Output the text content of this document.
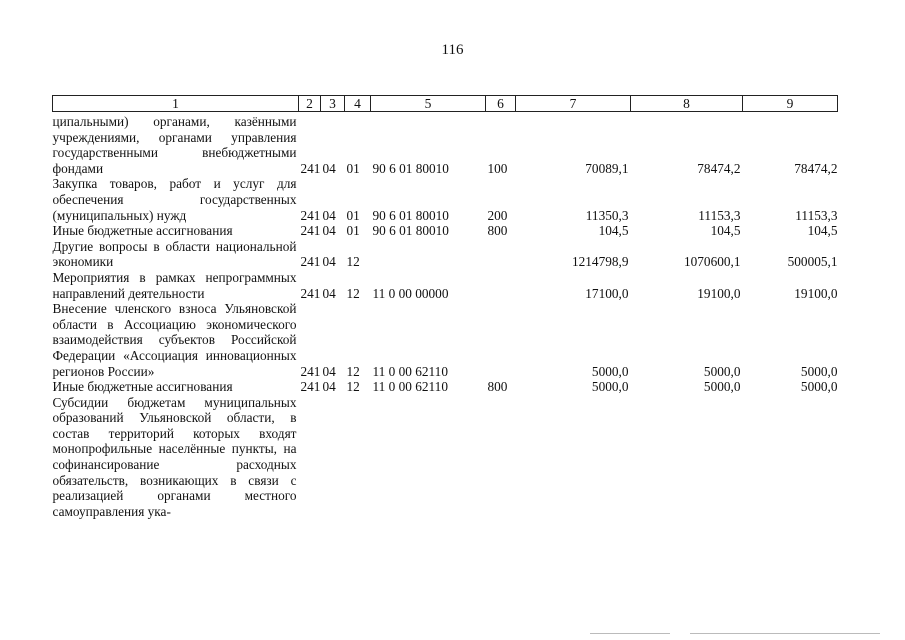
116
1	2	3	4	5	6	7	8	9
ципальными) органами, казёнными учреждениями, органами управления государственными внебюджетными фондами	241	04	01	90 6 01 80010	100	70089,1	78474,2	78474,2
Закупка товаров, работ и услуг для обеспечения государственных (муниципальных) нужд	241	04	01	90 6 01 80010	200	11350,3	11153,3	11153,3
Иные бюджетные ассигнования	241	04	01	90 6 01 80010	800	104,5	104,5	104,5
Другие вопросы в области национальной экономики	241	04	12			1214798,9	1070600,1	500005,1
Мероприятия в рамках непрограммных направлений деятельности	241	04	12	11 0 00 00000		17100,0	19100,0	19100,0
Внесение членского взноса Ульяновской области в Ассоциацию экономического взаимодействия субъектов Российской Федерации «Ассоциация инновационных регионов России»	241	04	12	11 0 00 62110		5000,0	5000,0	5000,0
Иные бюджетные ассигнования	241	04	12	11 0 00 62110	800	5000,0	5000,0	5000,0
Субсидии бюджетам муниципальных образований Ульяновской области, в состав территорий которых входят монопрофильные населённые пункты, на софинансирование расходных обязательств, возникающих в связи с реализацией органами местного самоуправления ука-								
